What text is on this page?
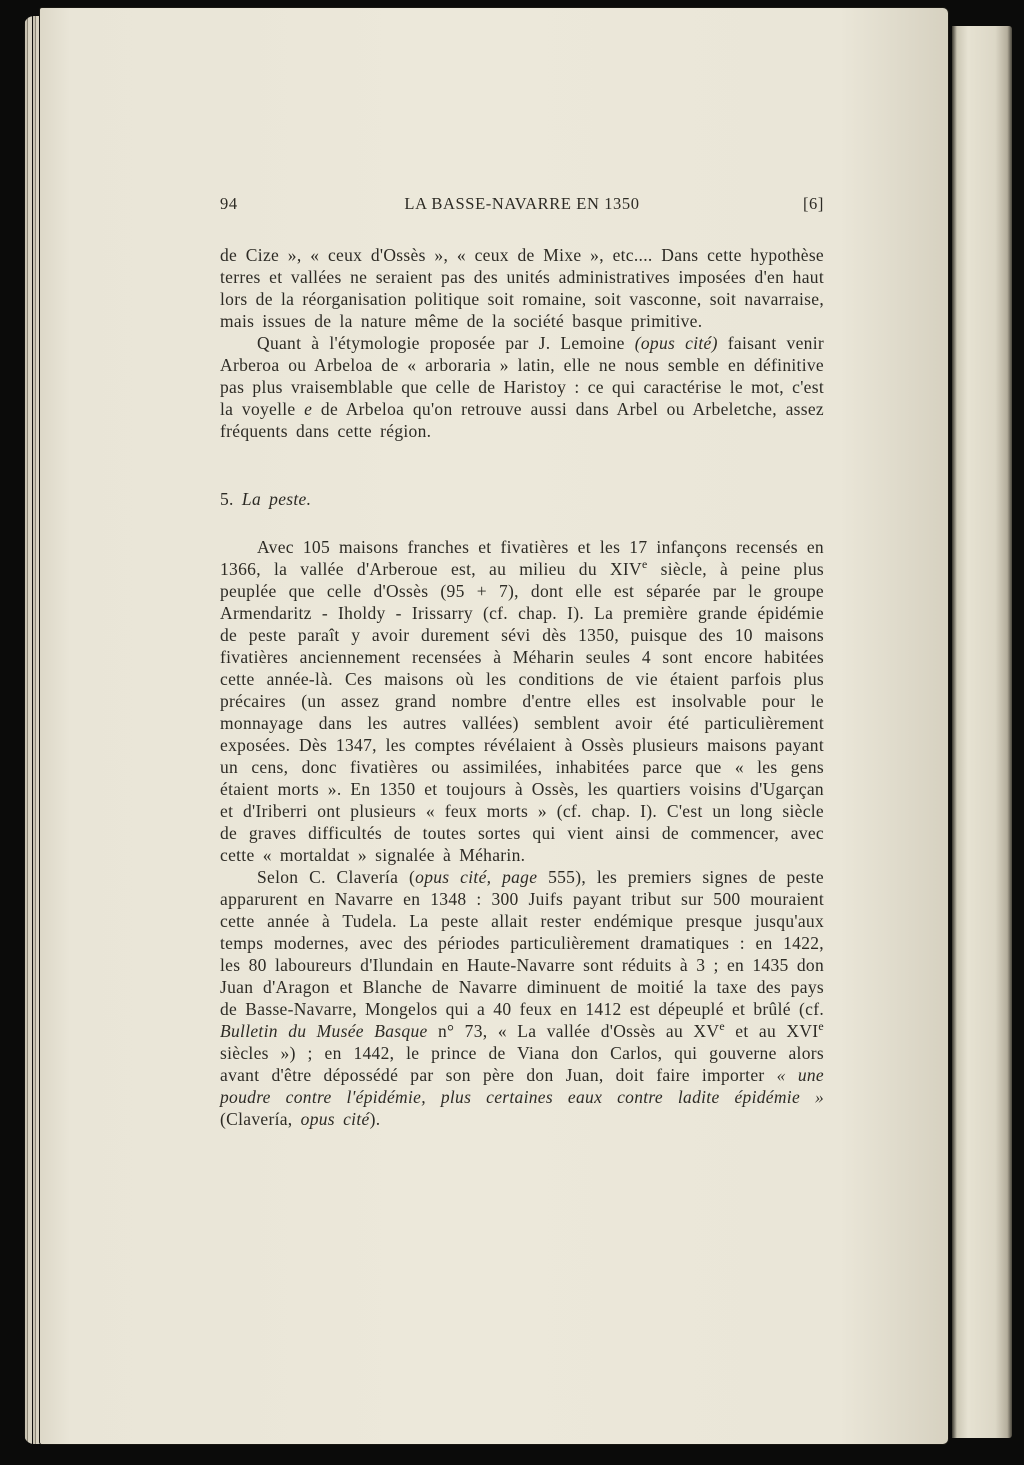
94	LA BASSE-NAVARRE EN 1350	[6]

de Cize », « ceux d'Ossès », « ceux de Mixe », etc.... Dans cette hypothèse terres et vallées ne seraient pas des unités administratives imposées d'en haut lors de la réorganisation politique soit romaine, soit vasconne, soit navarraise, mais issues de la nature même de la société basque primitive.

Quant à l'étymologie proposée par J. Lemoine (opus cité) faisant venir Arberoa ou Arbeloa de « arboraria » latin, elle ne nous semble en définitive pas plus vraisemblable que celle de Haristoy : ce qui caractérise le mot, c'est la voyelle e de Arbeloa qu'on retrouve aussi dans Arbel ou Arbeletche, assez fréquents dans cette région.

5. La peste.

Avec 105 maisons franches et fivatières et les 17 infançons recensés en 1366, la vallée d'Arberoue est, au milieu du XIVe siècle, à peine plus peuplée que celle d'Ossès (95 + 7), dont elle est séparée par le groupe Armendaritz - Iholdy - Irissarry (cf. chap. I). La première grande épidémie de peste paraît y avoir durement sévi dès 1350, puisque des 10 maisons fivatières anciennement recensées à Méharin seules 4 sont encore habitées cette année-là. Ces maisons où les conditions de vie étaient parfois plus précaires (un assez grand nombre d'entre elles est insolvable pour le monnayage dans les autres vallées) semblent avoir été particulièrement exposées. Dès 1347, les comptes révélaient à Ossès plusieurs maisons payant un cens, donc fivatières ou assimilées, inhabitées parce que « les gens étaient morts ». En 1350 et toujours à Ossès, les quartiers voisins d'Ugarçan et d'Iriberri ont plusieurs « feux morts » (cf. chap. I). C'est un long siècle de graves difficultés de toutes sortes qui vient ainsi de commencer, avec cette « mortaldat » signalée à Méharin.

Selon C. Clavería (opus cité, page 555), les premiers signes de peste apparurent en Navarre en 1348 : 300 Juifs payant tribut sur 500 mouraient cette année à Tudela. La peste allait rester endémique presque jusqu'aux temps modernes, avec des périodes particulièrement dramatiques : en 1422, les 80 laboureurs d'Ilundain en Haute-Navarre sont réduits à 3 ; en 1435 don Juan d'Aragon et Blanche de Navarre diminuent de moitié la taxe des pays de Basse-Navarre, Mongelos qui a 40 feux en 1412 est dépeuplé et brûlé (cf. Bulletin du Musée Basque n° 73, « La vallée d'Ossès au XVe et au XVIe siècles ») ; en 1442, le prince de Viana don Carlos, qui gouverne alors avant d'être dépossédé par son père don Juan, doit faire importer « une poudre contre l'épidémie, plus certaines eaux contre ladite épidémie » (Clavería, opus cité).
